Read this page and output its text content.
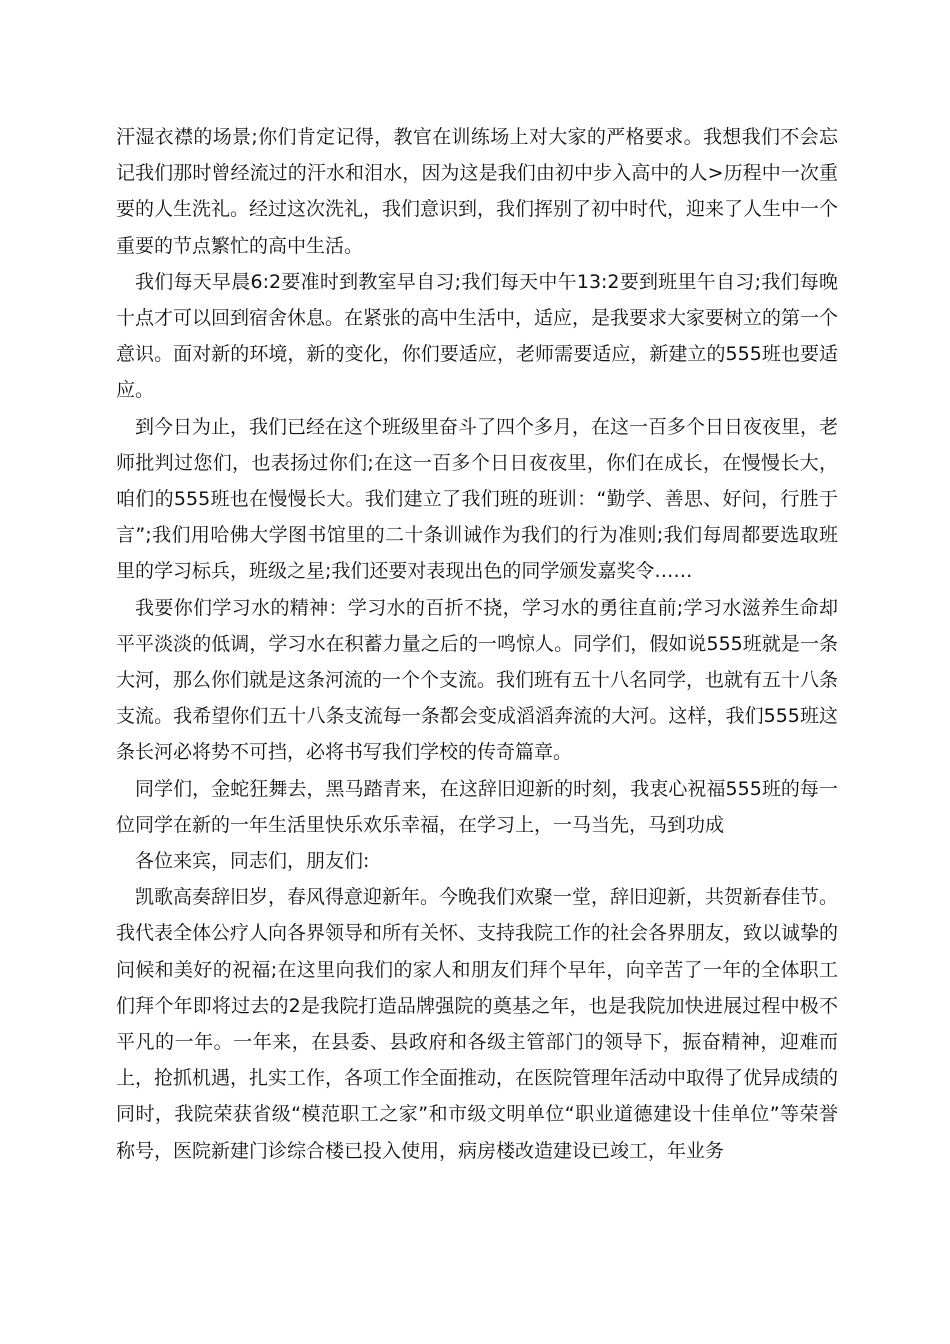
汗湿衣襟的场景;你们肯定记得，教官在训练场上对大家的严格要求。我想我们不会忘记我们那时曾经流过的汗水和泪水，因为这是我们由初中步入高中的人>历程中一次重要的人生洗礼。经过这次洗礼，我们意识到，我们挥别了初中时代，迎来了人生中一个重要的节点繁忙的高中生活。

我们每天早晨6:2要准时到教室早自习;我们每天中午13:2要到班里午自习;我们每晚十点才可以回到宿舍休息。在紧张的高中生活中，适应，是我要求大家要树立的第一个意识。面对新的环境，新的变化，你们要适应，老师需要适应，新建立的555班也要适应。

到今日为止，我们已经在这个班级里奋斗了四个多月，在这一百多个日日夜夜里，老师批判过您们，也表扬过你们;在这一百多个日日夜夜里，你们在成长，在慢慢长大，咱们的555班也在慢慢长大。我们建立了我们班的班训：“勤学、善思、好问，行胜于言”;我们用哈佛大学图书馆里的二十条训诫作为我们的行为准则;我们每周都要选取班里的学习标兵，班级之星;我们还要对表现出色的同学颁发嘉奖令……

我要你们学习水的精神：学习水的百折不挠，学习水的勇往直前;学习水滋养生命却平平淡淡的低调，学习水在积蓄力量之后的一鸣惊人。同学们，假如说555班就是一条大河，那么你们就是这条河流的一个个支流。我们班有五十八名同学，也就有五十八条支流。我希望你们五十八条支流每一条都会变成滔滔奔流的大河。这样，我们555班这条长河必将势不可挡，必将书写我们学校的传奇篇章。

同学们，金蛇狂舞去，黑马踏青来，在这辞旧迎新的时刻，我衷心祝福555班的每一位同学在新的一年生活里快乐欢乐幸福，在学习上，一马当先，马到功成

各位来宾，同志们，朋友们:

凯歌高奏辞旧岁，春风得意迎新年。今晚我们欢聚一堂，辞旧迎新，共贺新春佳节。我代表全体公疗人向各界领导和所有关怀、支持我院工作的社会各界朋友，致以诚挚的问候和美好的祝福;在这里向我们的家人和朋友们拜个早年，向辛苦了一年的全体职工们拜个年即将过去的2是我院打造品牌强院的奠基之年，也是我院加快进展过程中极不平凡的一年。一年来，在县委、县政府和各级主管部门的领导下，振奋精神，迎难而上，抢抓机遇，扎实工作，各项工作全面推动，在医院管理年活动中取得了优异成绩的同时，我院荣获省级“模范职工之家”和市级文明单位“职业道德建设十佳单位”等荣誉称号，医院新建门诊综合楼已投入使用，病房楼改造建设已竣工，年业务
